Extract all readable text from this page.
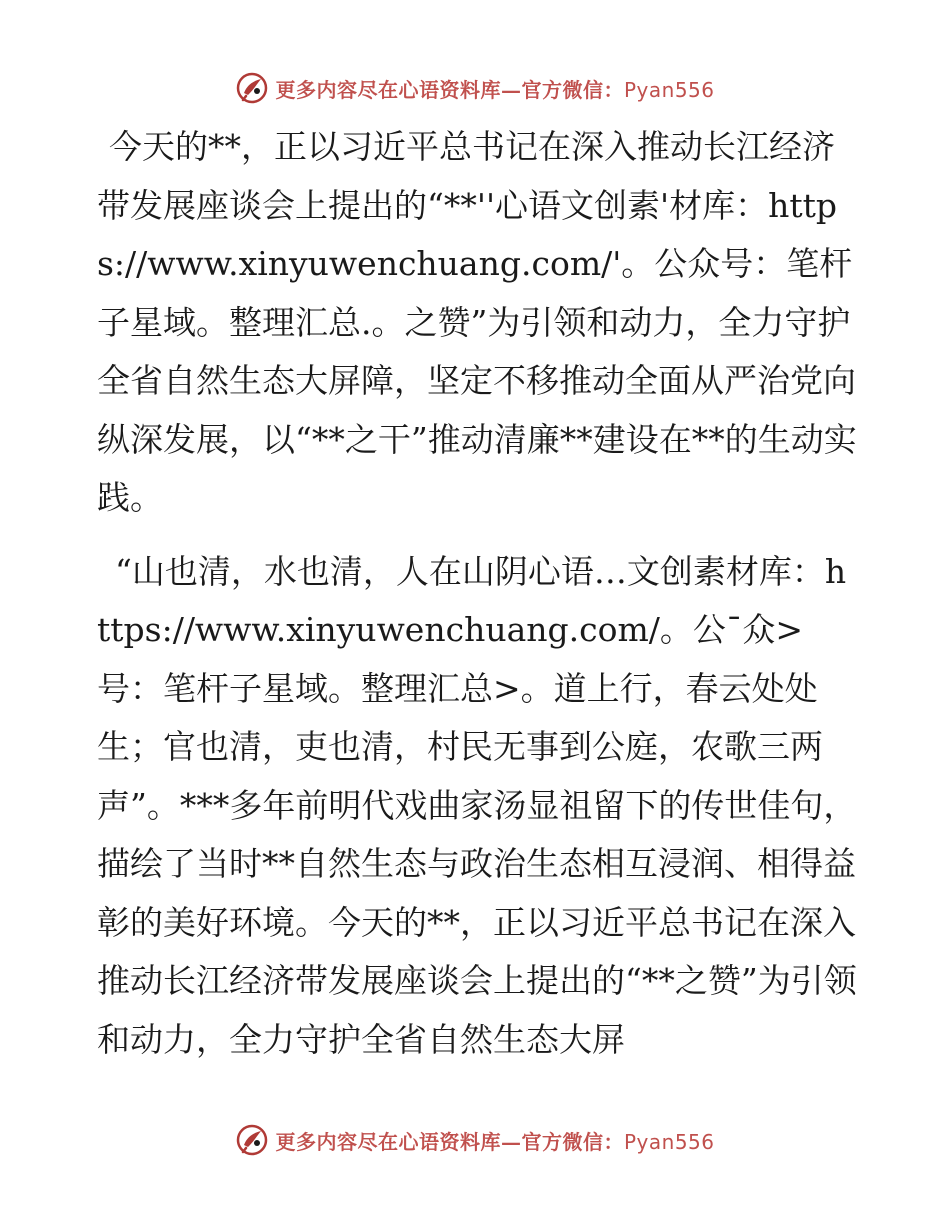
更多内容尽在心语资料库—官方微信：Pyan556

今天的**，正以习近平总书记在深入推动长江经济带发展座谈会上提出的“**''心语文创素'材库：https://www.xinyuwenchuang.com/'。公众号：笔杆子星域。整理汇总.。之赞”为引领和动力，全力守护全省自然生态大屏障，坚定不移推动全面从严治党向纵深发展，以“**之干”推动清廉**建设在**的生动实践。

“山也清，水也清，人在山阴心语…文创素材库：https://www.xinyuwenchuang.com/。公¯众>号：笔杆子星域。整理汇总>。道上行，春云处处生；官也清，吏也清，村民无事到公庭，农歌三两声”。***多年前明代戏曲家汤显祖留下的传世佳句，描绘了当时**自然生态与政治生态相互浸润、相得益彰的美好环境。今天的**，正以习近平总书记在深入推动长江经济带发展座谈会上提出的“**之赞”为引领和动力，全力守护全省自然生态大屏

更多内容尽在心语资料库—官方微信：Pyan556
